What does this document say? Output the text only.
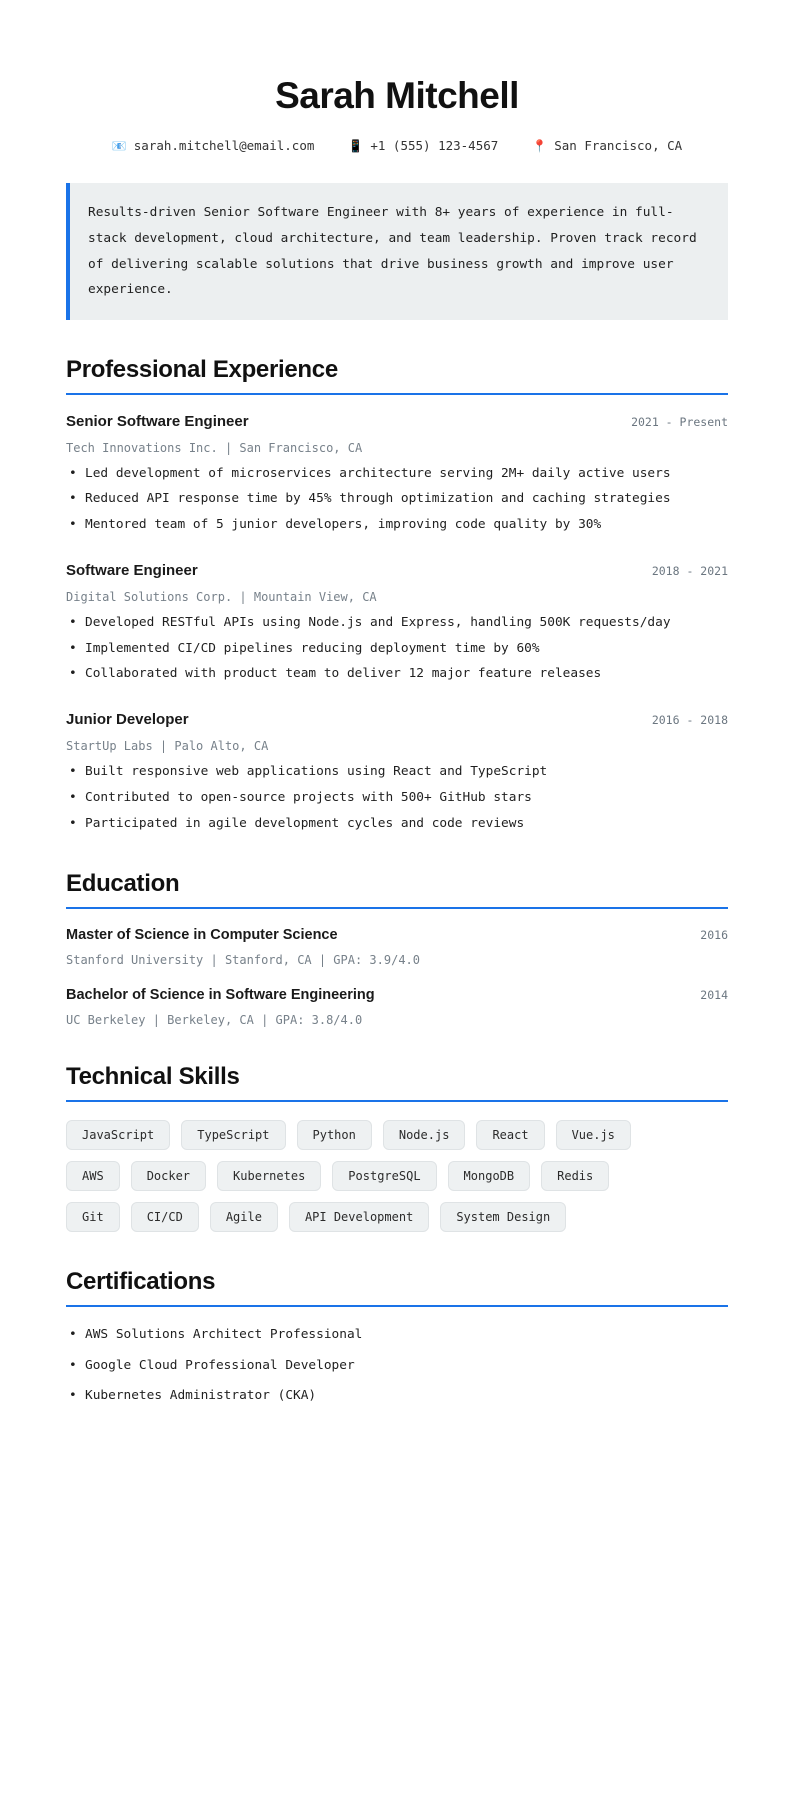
Sarah Mitchell
📧 sarah.mitchell@email.com	📱 +1 (555) 123-4567	📍 San Francisco, CA
Results-driven Senior Software Engineer with 8+ years of experience in full-stack development, cloud architecture, and team leadership. Proven track record of delivering scalable solutions that drive business growth and improve user experience.
Professional Experience
Senior Software Engineer	2021 - Present
Tech Innovations Inc. | San Francisco, CA
• Led development of microservices architecture serving 2M+ daily active users
• Reduced API response time by 45% through optimization and caching strategies
• Mentored team of 5 junior developers, improving code quality by 30%
Software Engineer	2018 - 2021
Digital Solutions Corp. | Mountain View, CA
• Developed RESTful APIs using Node.js and Express, handling 500K requests/day
• Implemented CI/CD pipelines reducing deployment time by 60%
• Collaborated with product team to deliver 12 major feature releases
Junior Developer	2016 - 2018
StartUp Labs | Palo Alto, CA
• Built responsive web applications using React and TypeScript
• Contributed to open-source projects with 500+ GitHub stars
• Participated in agile development cycles and code reviews
Education
Master of Science in Computer Science	2016
Stanford University | Stanford, CA | GPA: 3.9/4.0
Bachelor of Science in Software Engineering	2014
UC Berkeley | Berkeley, CA | GPA: 3.8/4.0
Technical Skills
JavaScript	TypeScript	Python	Node.js	React	Vue.js
AWS	Docker	Kubernetes	PostgreSQL	MongoDB	Redis
Git	CI/CD	Agile	API Development	System Design
Certifications
• AWS Solutions Architect Professional
• Google Cloud Professional Developer
• Kubernetes Administrator (CKA)
